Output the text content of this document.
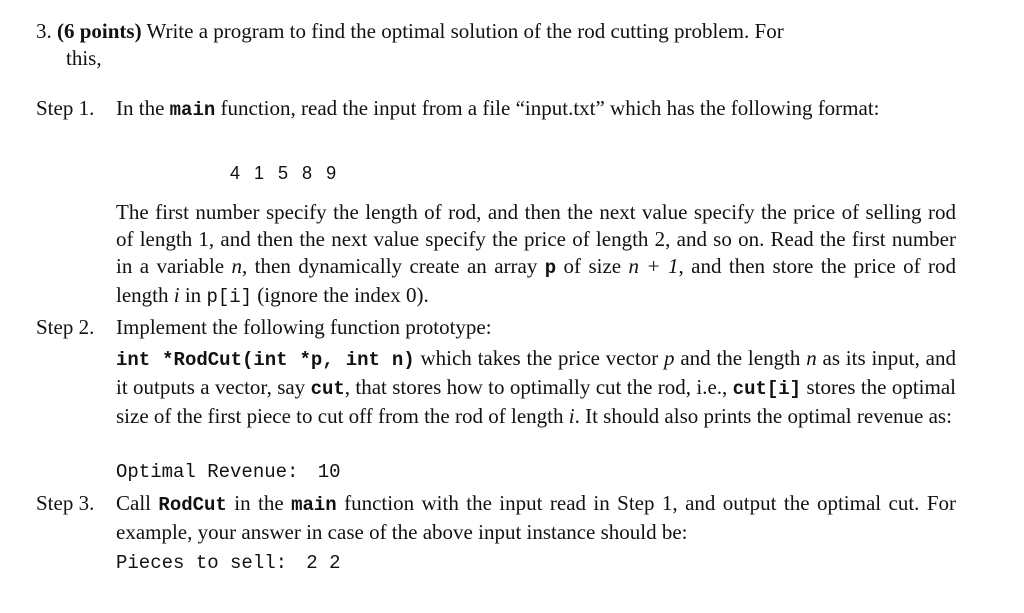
3. (6 points) Write a program to find the optimal solution of the rod cutting problem. For
this,
Step 1. In the main function, read the input from a file “input.txt” which has the following format:
4 1 5 8 9
The first number specify the length of rod, and then the next value specify the price of selling rod of length 1, and then the next value specify the price of length 2, and so on. Read the first number in a variable n, then dynamically create an array p of size n + 1, and then store the price of rod length i in p[i] (ignore the index 0).
Step 2. Implement the following function prototype:
int *RodCut(int *p, int n) which takes the price vector p and the length n as its input, and it outputs a vector, say cut, that stores how to optimally cut the rod, i.e., cut[i] stores the optimal size of the first piece to cut off from the rod of length i. It should also prints the optimal revenue as:
Optimal Revenue: 10
Step 3. Call RodCut in the main function with the input read in Step 1, and output the optimal cut. For example, your answer in case of the above input instance should be:
Pieces to sell: 2 2
